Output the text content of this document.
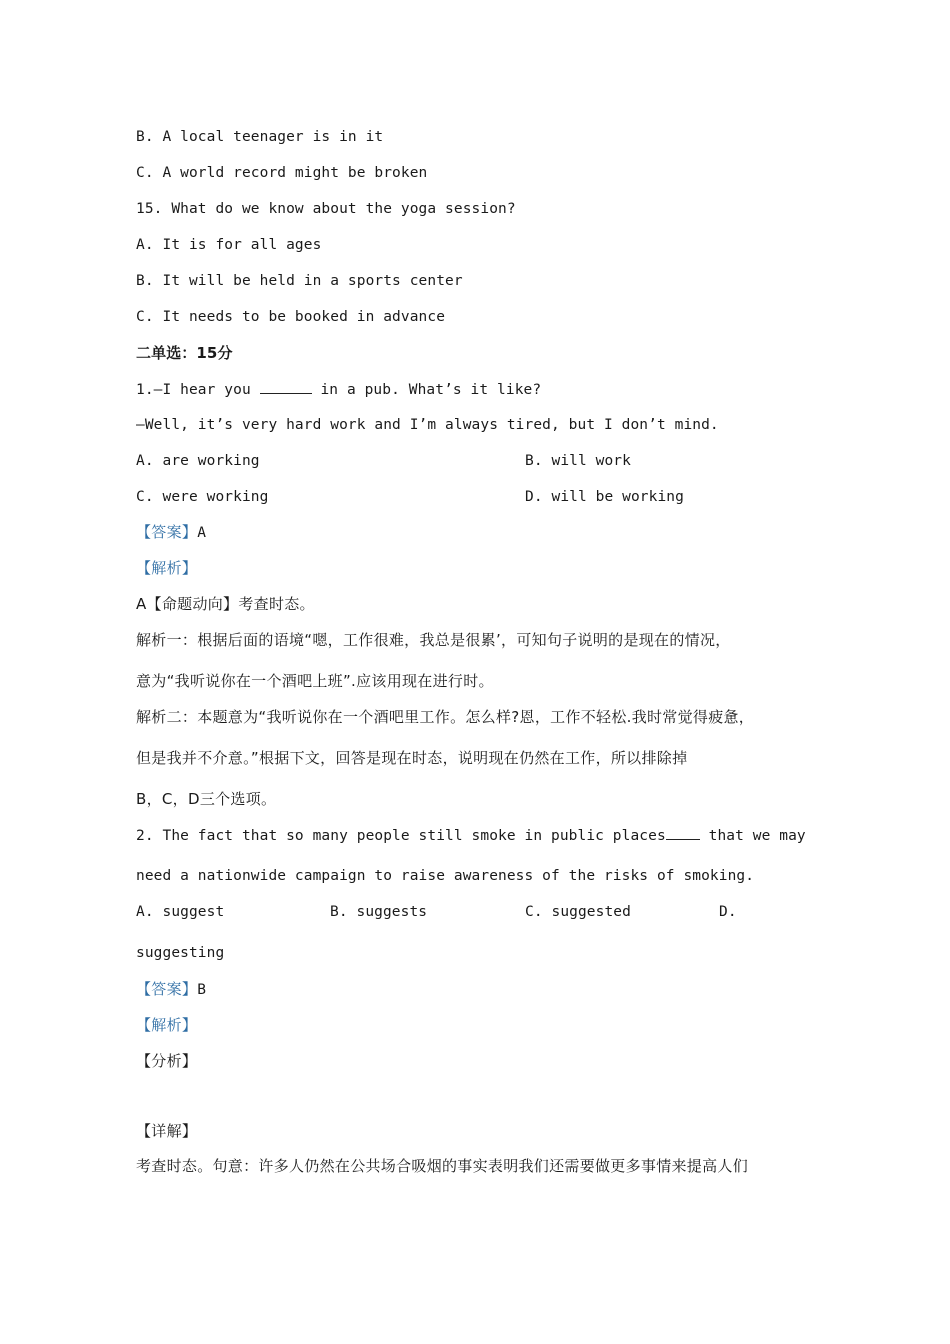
B. A local teenager is in it
C. A world record might be broken
15. What do we know about the yoga session?
A. It is for all ages
B. It will be held in a sports center
C. It needs to be booked in advance
二单选：15分
1.—I hear you	in a pub. What’s it like?
—Well, it’s very hard work and I’m always tired, but I don’t mind.
A. are working	B. will work
C. were working	D. will be working
【答案】A
【解析】
A【命题动向】考查时态。
解析一：根据后面的语境“嗯，工作很难，我总是很累’，可知句子说明的是现在的情况，
意为“我听说你在一个酒吧上班”.应该用现在进行时。
解析二：本题意为“我听说你在一个酒吧里工作。怎么样?恩，工作不轻松.我时常觉得疲惫，
但是我并不介意。”根据下文，回答是现在时态，说明现在仍然在工作，所以排除掉
B，C，D三个选项。
2. The fact that so many people still smoke in public places that we may
need a nationwide campaign to raise awareness of the risks of smoking.
A. suggest	B. suggests	C. suggested	D.
suggesting
【答案】B
【解析】
【分析】
【详解】
考查时态。句意：许多人仍然在公共场合吸烟的事实表明我们还需要做更多事情来提高人们
